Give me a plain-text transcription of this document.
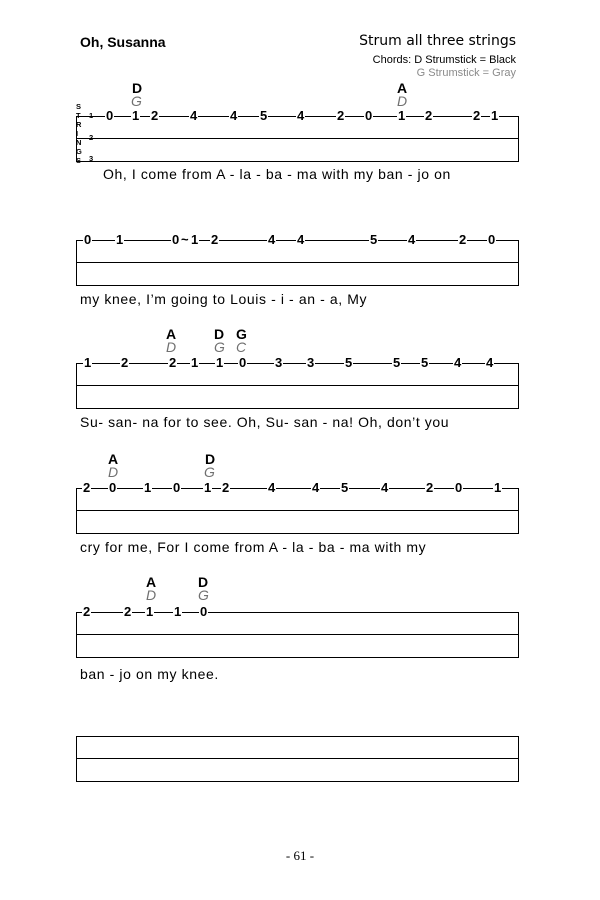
Oh, Susanna	Strum all three strings
Chords: D Strumstick = Black
G Strumstick = Gray
S
T
R
I
N
G
S
1
2
3
D
G
A
D
0 1 2 4	4 5 4	2 0 1 2	2 1
Oh, I come from A - la - ba - ma with my ban - jo on
0 1	0 ~ 1 2	4 4	5 4	2 0
my knee, I’m going to Louis - i - an - a, My
A
D
D
G
G
C
1 2	2 1 1 0 3 3 5	5 5 4 4
Su- san- na for to see. Oh, Su- san - na! Oh, don’t you
A
D
D
G
2 0 1 0 1 2	4	4 5	4	2 0 1
cry for me, For I come from A - la - ba - ma with my
A
D
D
G
2	2 1 1 0
ban - jo on my knee.
- 61 -
